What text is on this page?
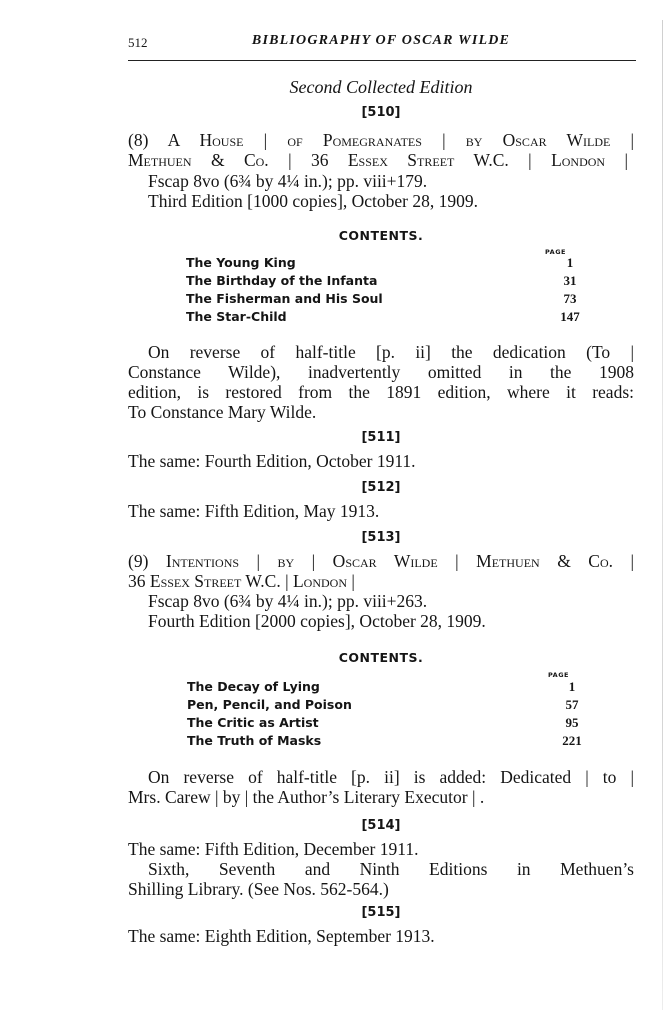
512	BIBLIOGRAPHY OF OSCAR WILDE
Second Collected Edition
[510]
(8) A House | of Pomegranates | by Oscar Wilde |
Methuen & Co. | 36 Essex Street W.C. | London |
Fscap 8vo (6¾ by 4¼ in.); pp. viii+179.
Third Edition [1000 copies], October 28, 1909.
CONTENTS.
PAGE
The Young King	1
The Birthday of the Infanta	31
The Fisherman and His Soul	73
The Star-Child	147
On reverse of half-title [p. ii] the dedication (To |
Constance Wilde), inadvertently omitted in the 1908
edition, is restored from the 1891 edition, where it reads:
To Constance Mary Wilde.
[511]
The same: Fourth Edition, October 1911.
[512]
The same: Fifth Edition, May 1913.
[513]
(9) Intentions | by | Oscar Wilde | Methuen & Co. |
36 Essex Street W.C. | London |
Fscap 8vo (6¾ by 4¼ in.); pp. viii+263.
Fourth Edition [2000 copies], October 28, 1909.
CONTENTS.
PAGE
The Decay of Lying	1
Pen, Pencil, and Poison	57
The Critic as Artist	95
The Truth of Masks	221
On reverse of half-title [p. ii] is added: Dedicated | to |
Mrs. Carew | by | the Author’s Literary Executor | .
[514]
The same: Fifth Edition, December 1911.
Sixth, Seventh and Ninth Editions in Methuen’s
Shilling Library. (See Nos. 562-564.)
[515]
The same: Eighth Edition, September 1913.
